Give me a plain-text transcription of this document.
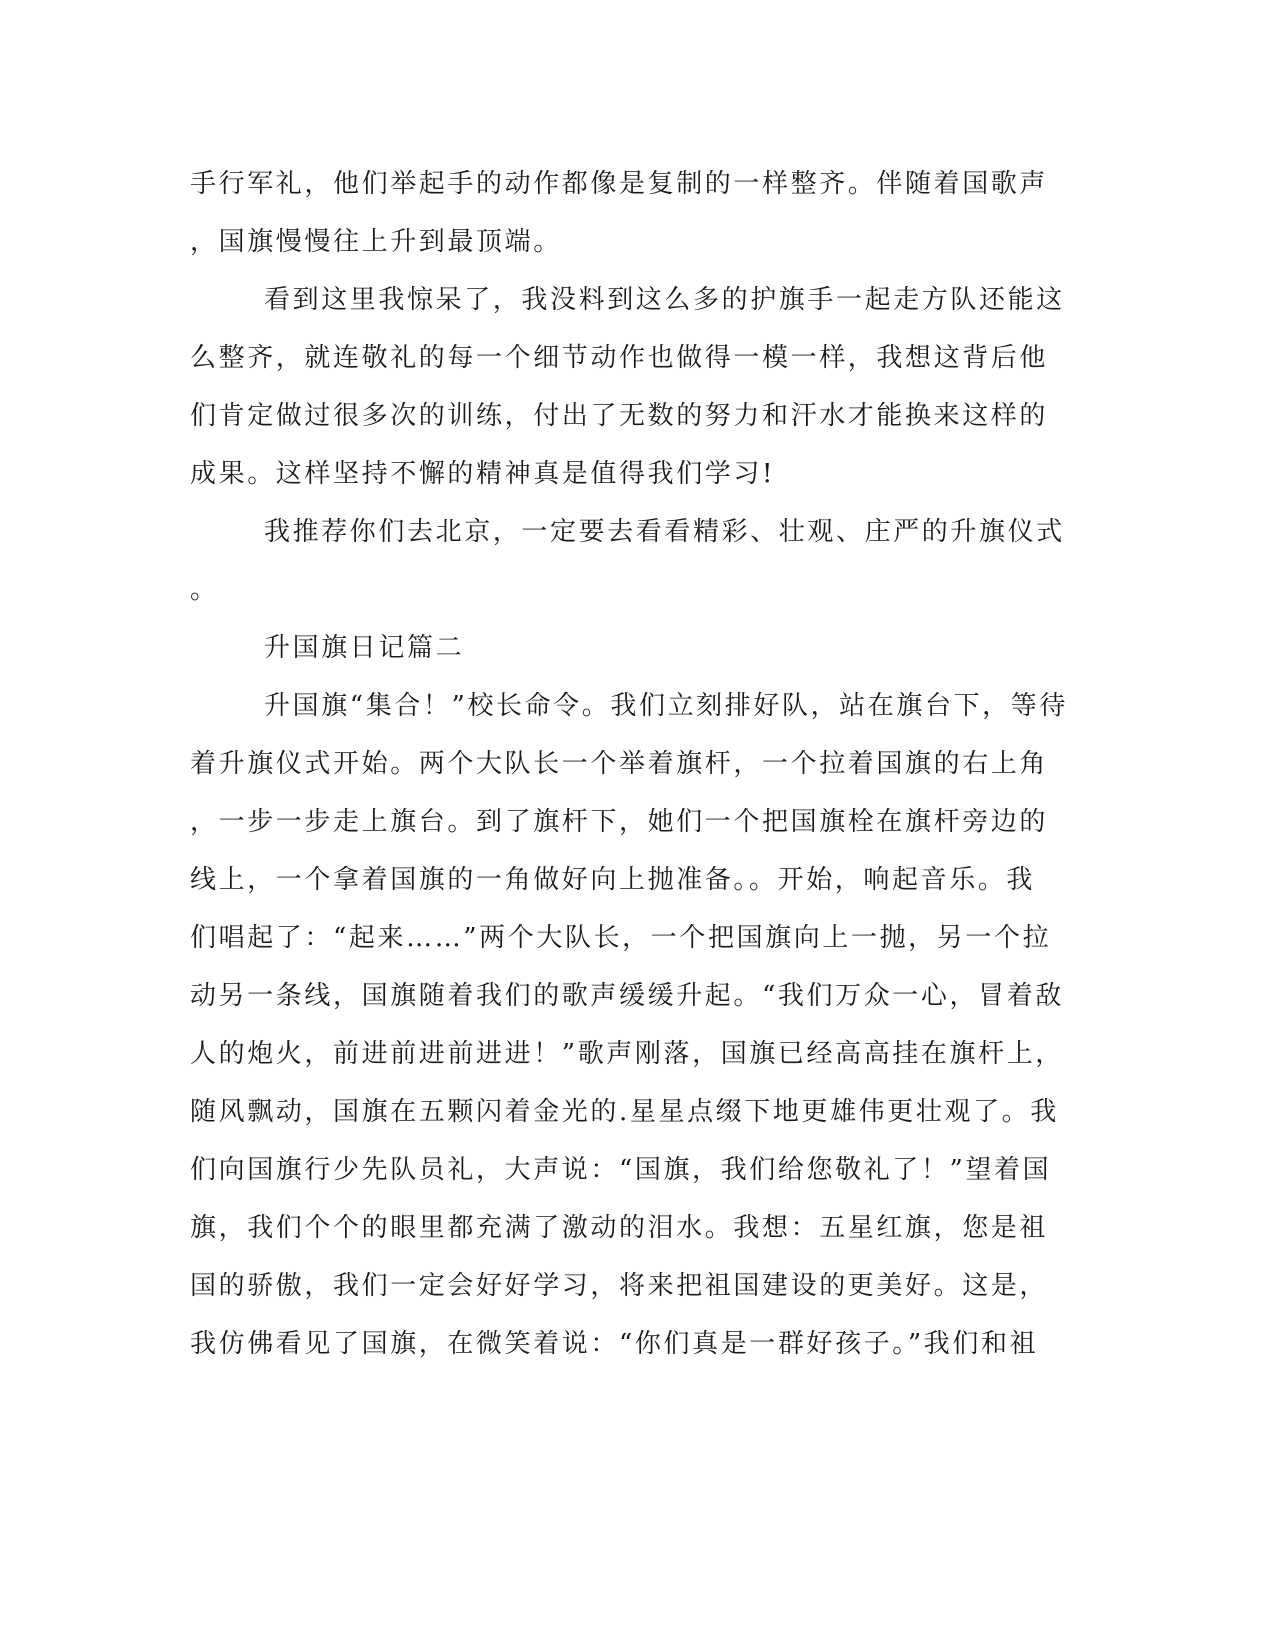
手行军礼，他们举起手的动作都像是复制的一样整齐。伴随着国歌声
，国旗慢慢往上升到最顶端。
看到这里我惊呆了，我没料到这么多的护旗手一起走方队还能这
么整齐，就连敬礼的每一个细节动作也做得一模一样，我想这背后他
们肯定做过很多次的训练，付出了无数的努力和汗水才能换来这样的
成果。这样坚持不懈的精神真是值得我们学习!
我推荐你们去北京，一定要去看看精彩、壮观、庄严的升旗仪式
。
升国旗日记篇二
升国旗“集合！”校长命令。我们立刻排好队，站在旗台下，等待
着升旗仪式开始。两个大队长一个举着旗杆，一个拉着国旗的右上角
，一步一步走上旗台。到了旗杆下，她们一个把国旗栓在旗杆旁边的
线上，一个拿着国旗的一角做好向上抛准备。。开始，响起音乐。我
们唱起了：“起来……”两个大队长，一个把国旗向上一抛，另一个拉
动另一条线，国旗随着我们的歌声缓缓升起。“我们万众一心，冒着敌
人的炮火，前进前进前进进！”歌声刚落，国旗已经高高挂在旗杆上，
随风飘动，国旗在五颗闪着金光的.星星点缀下地更雄伟更壮观了。我
们向国旗行少先队员礼，大声说：“国旗，我们给您敬礼了！”望着国
旗，我们个个的眼里都充满了激动的泪水。我想：五星红旗，您是祖
国的骄傲，我们一定会好好学习，将来把祖国建设的更美好。这是，
我仿佛看见了国旗，在微笑着说：“你们真是一群好孩子。”我们和祖
